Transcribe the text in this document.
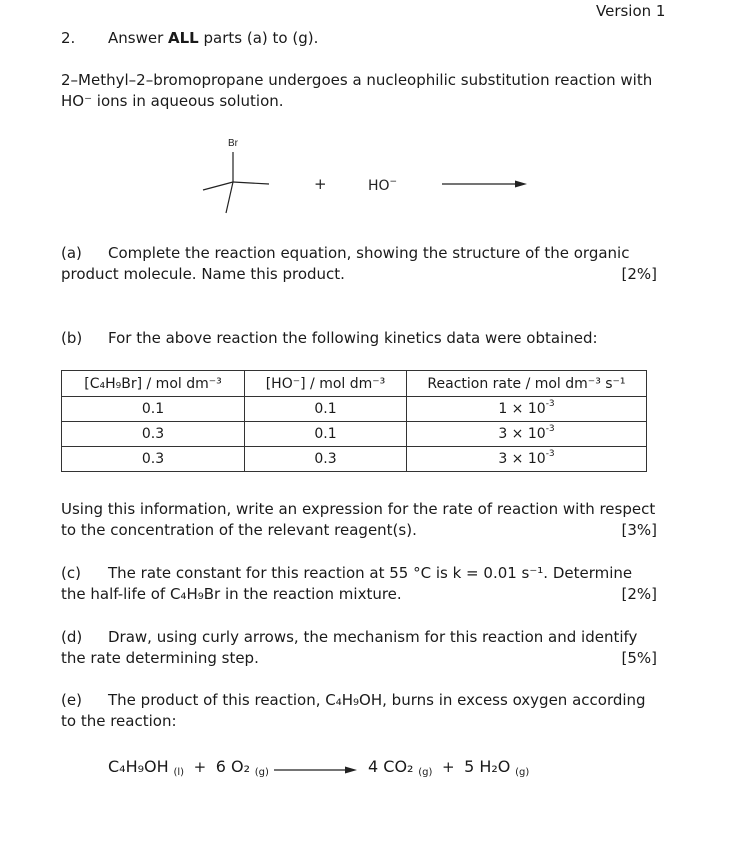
Version 1
2. Answer ALL parts (a) to (g).
2–Methyl–2–bromopropane undergoes a nucleophilic substitution reaction with HO⁻ ions in aqueous solution.
Br
+	HO−
(a) Complete the reaction equation, showing the structure of the organic product molecule. Name this product.	[2%]
(b) For the above reaction the following kinetics data were obtained:
[C₄H₉Br] / mol dm⁻³	[HO⁻] / mol dm⁻³	Reaction rate / mol dm⁻³ s⁻¹
0.1	0.1	$1 \times 10^{-3}$
0.3	0.1	$3 \times 10^{-3}$
0.3	0.3	$3 \times 10^{-3}$
Using this information, write an expression for the rate of reaction with respect to the concentration of the relevant reagent(s).	[3%]
(c) The rate constant for this reaction at 55 °C is k = 0.01 s⁻¹. Determine the half-life of C₄H₉Br in the reaction mixture.	[2%]
(d) Draw, using curly arrows, the mechanism for this reaction and identify the rate determining step.	[5%]
(e) The product of this reaction, C₄H₉OH, burns in excess oxygen according to the reaction:
C₄H₉OH $_{(l)}$ + 6 O₂ $_{(g)}$	4 CO₂ $_{(g)}$ + 5 H₂O $_{(g)}$
